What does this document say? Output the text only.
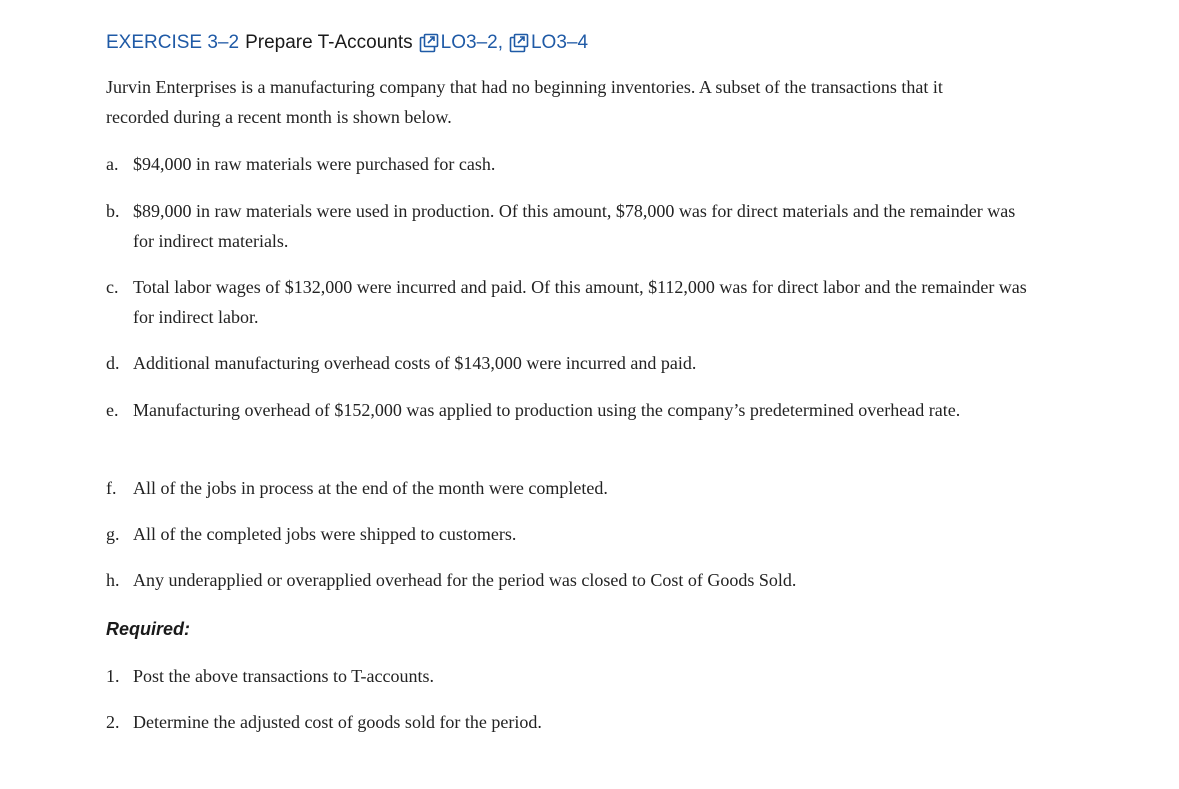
EXERCISE 3–2 Prepare T-Accounts LO3–2, LO3–4
Jurvin Enterprises is a manufacturing company that had no beginning inventories. A subset of the transactions that it recorded during a recent month is shown below.
a. $94,000 in raw materials were purchased for cash.
b. $89,000 in raw materials were used in production. Of this amount, $78,000 was for direct materials and the remainder was for indirect materials.
c. Total labor wages of $132,000 were incurred and paid. Of this amount, $112,000 was for direct labor and the remainder was for indirect labor.
d. Additional manufacturing overhead costs of $143,000 were incurred and paid.
e. Manufacturing overhead of $152,000 was applied to production using the company’s predetermined overhead rate.
f. All of the jobs in process at the end of the month were completed.
g. All of the completed jobs were shipped to customers.
h. Any underapplied or overapplied overhead for the period was closed to Cost of Goods Sold.
Required:
1. Post the above transactions to T-accounts.
2. Determine the adjusted cost of goods sold for the period.
